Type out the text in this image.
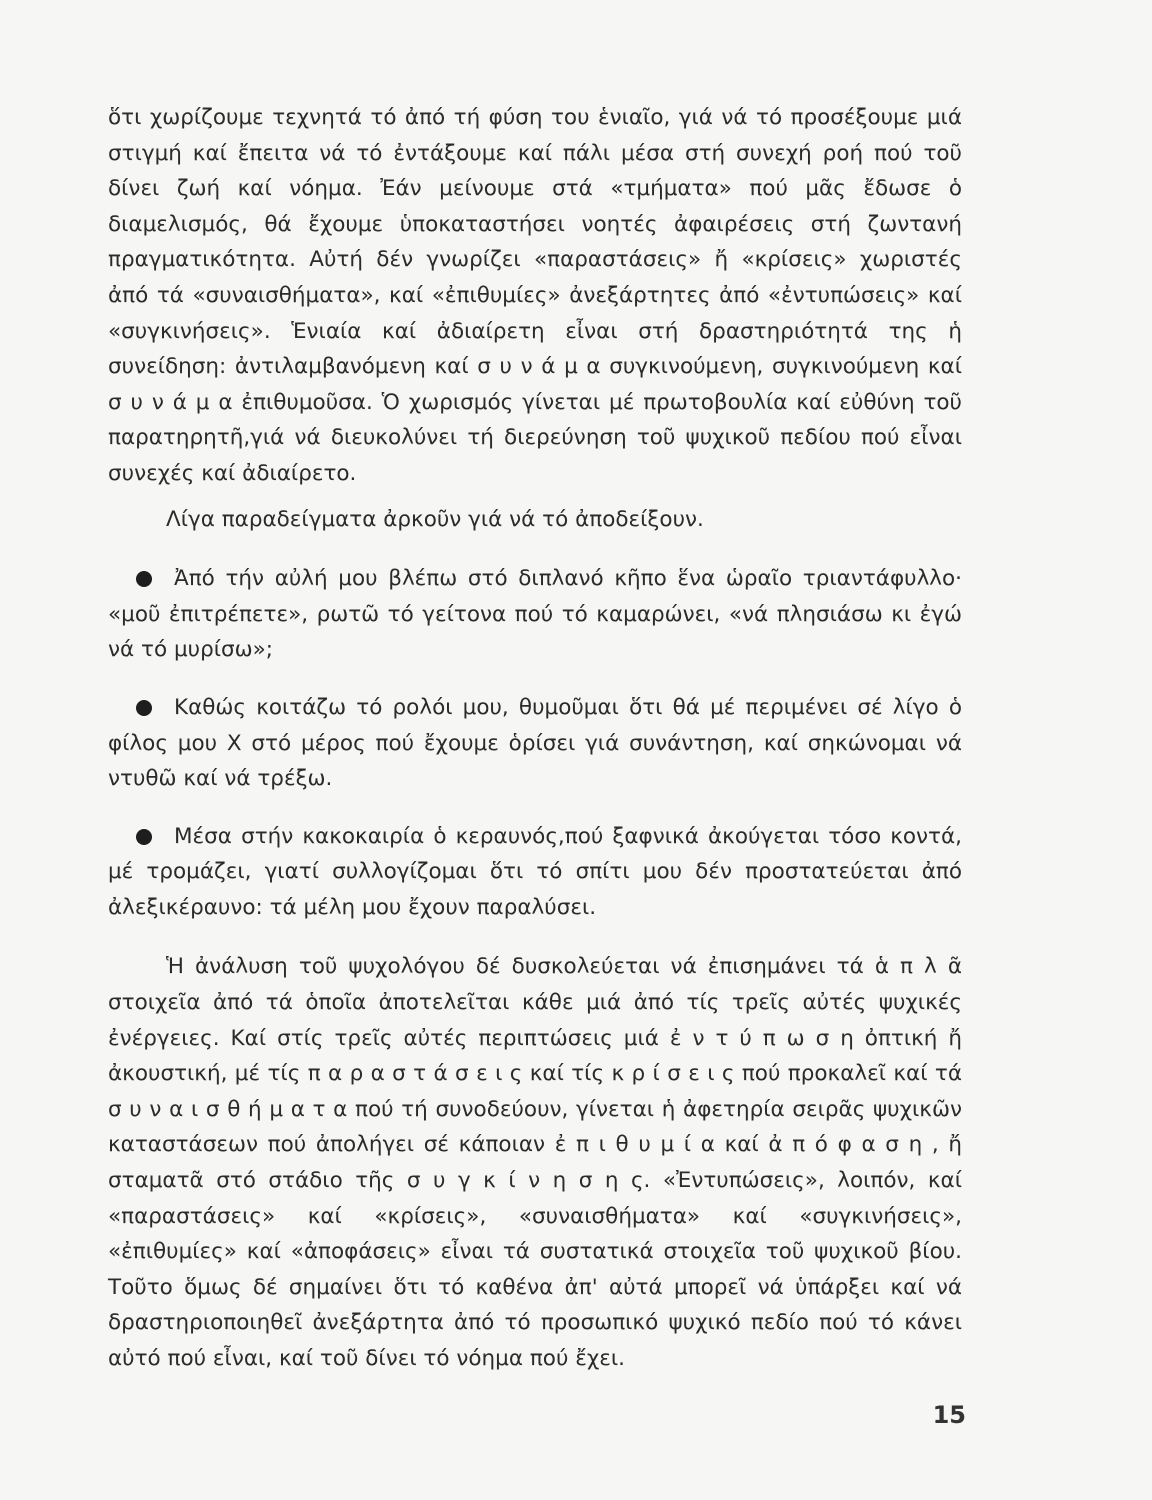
ὅτι χωρίζουμε τεχνητά τό ἀπό τή φύση του ἑνιαῖο, γιά νά τό προσέξουμε μιά στιγμή καί ἔπειτα νά τό ἐντάξουμε καί πάλι μέσα στή συνεχή ροή πού τοῦ δίνει ζωή καί νόημα. Ἐάν μείνουμε στά «τμήματα» πού μᾶς ἔδωσε ὁ διαμελισμός, θά ἔχουμε ὑποκαταστήσει νοητές ἀφαιρέσεις στή ζωντανή πραγματικότητα. Αὐτή δέν γνωρίζει «παραστάσεις» ἤ «κρίσεις» χωριστές ἀπό τά «συναισθήματα», καί «ἐπιθυμίες» ἀνεξάρτητες ἀπό «ἐντυπώσεις» καί «συγκινήσεις». Ἑνιαία καί ἀδιαίρετη εἶναι στή δραστηριότητά της ἡ συνείδηση: ἀντιλαμβανόμενη καί σ υ ν ά μ α συγκινούμενη, συγκινούμενη καί σ υ ν ά μ α ἐπιθυμοῦσα. Ὁ χωρισμός γίνεται μέ πρωτοβουλία καί εὐθύνη τοῦ παρατηρητῆ,γιά νά διευκολύνει τή διερεύνηση τοῦ ψυχικοῦ πεδίου πού εἶναι συνεχές καί ἀδιαίρετο.

Λίγα παραδείγματα ἀρκοῦν γιά νά τό ἀποδείξουν.

Ἀπό τήν αὐλή μου βλέπω στό διπλανό κῆπο ἕνα ὡραῖο τριαντάφυλλο· «μοῦ ἐπιτρέπετε», ρωτῶ τό γείτονα πού τό καμαρώνει, «νά πλησιάσω κι ἐγώ νά τό μυρίσω»;

Καθώς κοιτάζω τό ρολόι μου, θυμοῦμαι ὅτι θά μέ περιμένει σέ λίγο ὁ φίλος μου Χ στό μέρος πού ἔχουμε ὁρίσει γιά συνάντηση, καί σηκώνομαι νά ντυθῶ καί νά τρέξω.

Μέσα στήν κακοκαιρία ὁ κεραυνός,πού ξαφνικά ἀκούγεται τόσο κοντά, μέ τρομάζει, γιατί συλλογίζομαι ὅτι τό σπίτι μου δέν προστατεύεται ἀπό ἀλεξικέραυνο: τά μέλη μου ἔχουν παραλύσει.

Ἡ ἀνάλυση τοῦ ψυχολόγου δέ δυσκολεύεται νά ἐπισημάνει τά ἁ π λ ᾶ στοιχεῖα ἀπό τά ὁποῖα ἀποτελεῖται κάθε μιά ἀπό τίς τρεῖς αὐτές ψυχικές ἐνέργειες. Καί στίς τρεῖς αὐτές περιπτώσεις μιά ἐ ν τ ύ π ω σ η ὀπτική ἤ ἀκουστική, μέ τίς π α ρ α σ τ ά σ ε ι ς καί τίς κ ρ ί σ ε ι ς πού προκαλεῖ καί τά σ υ ν α ι σ θ ή μ α τ α πού τή συνοδεύουν, γίνεται ἡ ἀφετηρία σειρᾶς ψυχικῶν καταστάσεων πού ἀπολήγει σέ κάποιαν ἐ π ι θ υ μ ί α καί ἀ π ό φ α σ η , ἤ σταματᾶ στό στάδιο τῆς σ υ γ κ ί ν η σ η ς. «Ἐντυπώσεις», λοιπόν, καί «παραστάσεις» καί «κρίσεις», «συναισθήματα» καί «συγκινήσεις», «ἐπιθυμίες» καί «ἀποφάσεις» εἶναι τά συστατικά στοιχεῖα τοῦ ψυχικοῦ βίου. Τοῦτο ὅμως δέ σημαίνει ὅτι τό καθένα ἀπ' αὐτά μπορεῖ νά ὑπάρξει καί νά δραστηριοποιηθεῖ ἀνεξάρτητα ἀπό τό προσωπικό ψυχικό πεδίο πού τό κάνει αὐτό πού εἶναι, καί τοῦ δίνει τό νόημα πού ἔχει.

15
